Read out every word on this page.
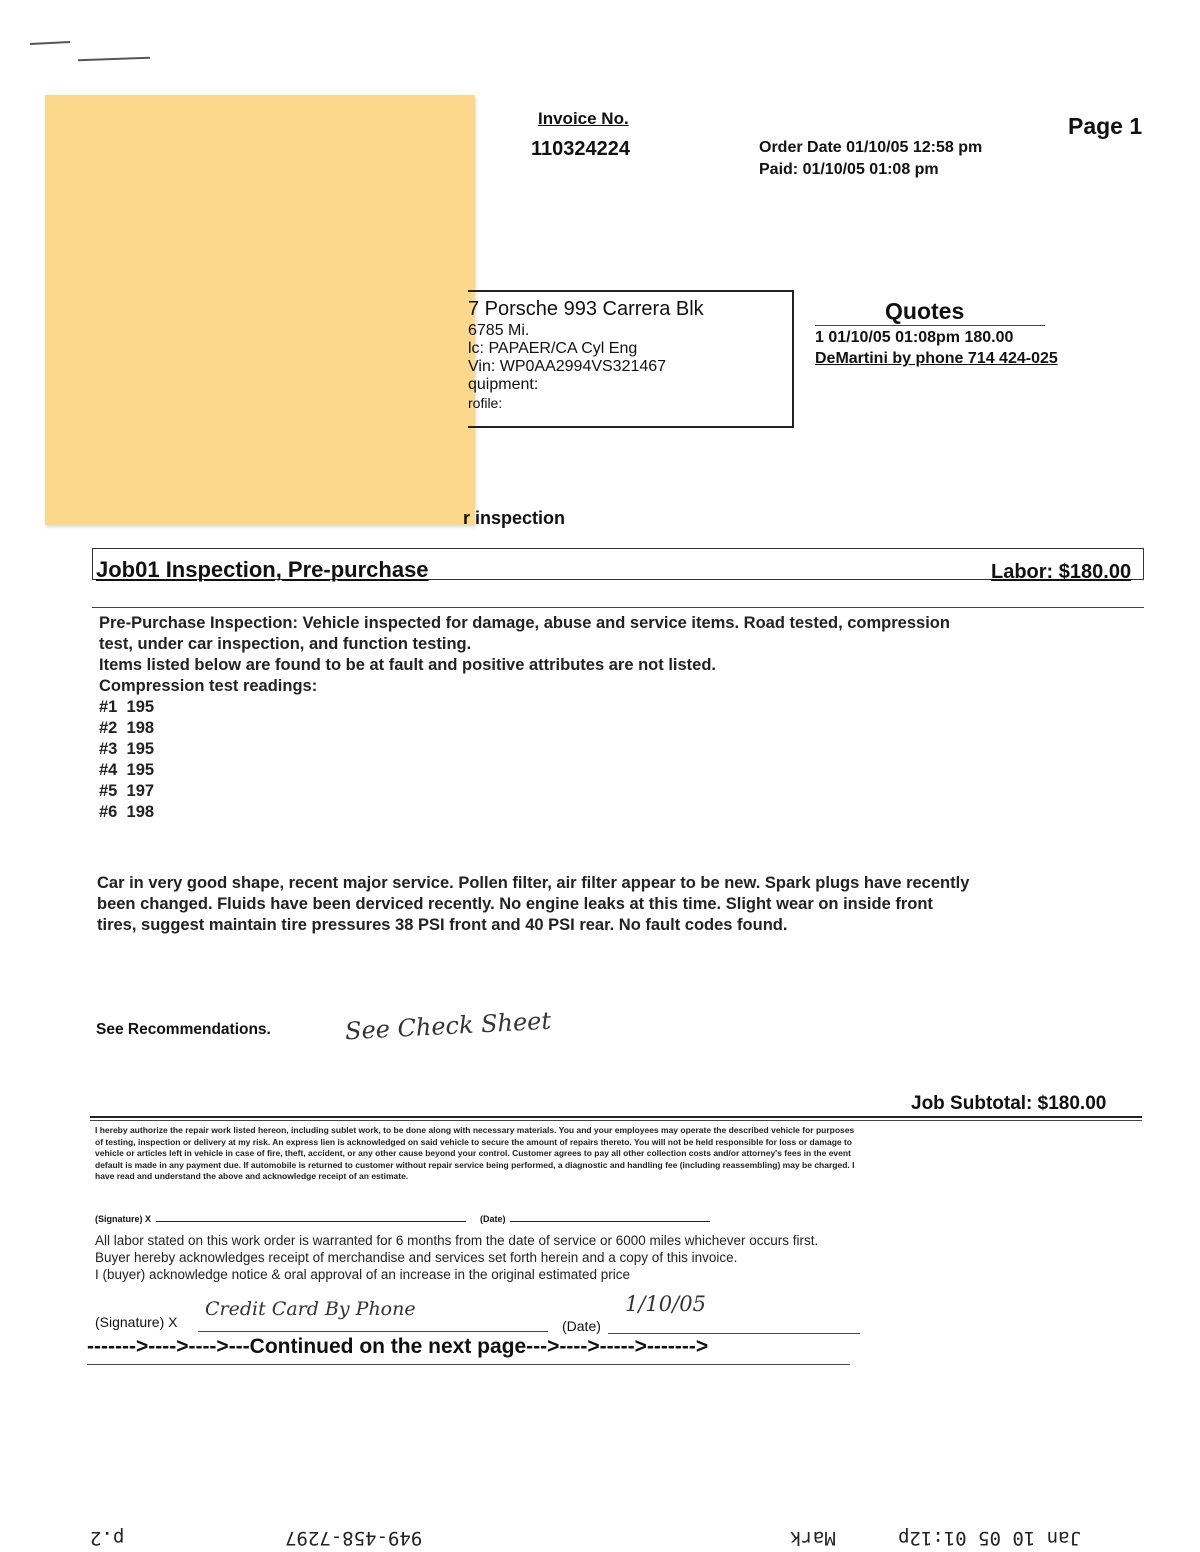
Invoice No.
110324224	Order Date 01/10/05 12:58 pm
Paid: 01/10/05 01:08 pm
Page 1
7 Porsche 993 Carrera Blk
6785 Mi.
lc: PAPAER/CA Cyl Eng
Vin: WP0AA2994VS321467
quipment:
rofile:
Quotes
1 01/10/05 01:08pm 180.00
DeMartini by phone 714 424-025
r inspection
Job01 Inspection, Pre-purchase	Labor: $180.00
Pre-Purchase Inspection: Vehicle inspected for damage, abuse and service items. Road tested, compression
test, under car inspection, and function testing.
Items listed below are found to be at fault and positive attributes are not listed.
Compression test readings:
#1 195
#2 198
#3 195
#4 195
#5 197
#6 198
Car in very good shape, recent major service. Pollen filter, air filter appear to be new. Spark plugs have recently
been changed. Fluids have been derviced recently. No engine leaks at this time. Slight wear on inside front
tires, suggest maintain tire pressures 38 PSI front and 40 PSI rear. No fault codes found.
See Recommendations.	See Check Sheet
Job Subtotal: $180.00
I hereby authorize the repair work listed hereon, including sublet work, to be done along with necessary materials. You and your employees may operate the described vehicle for purposes
of testing, inspection or delivery at my risk. An express lien is acknowledged on said vehicle to secure the amount of repairs thereto. You will not be held responsible for loss or damage to
vehicle or articles left in vehicle in case of fire, theft, accident, or any other cause beyond your control. Customer agrees to pay all other collection costs and/or attorney's fees in the event
default is made in any payment due. If automobile is returned to customer without repair service being performed, a diagnostic and handling fee (including reassembling) may be charged. I
have read and understand the above and acknowledge receipt of an estimate.
(Signature) X	(Date)
All labor stated on this work order is warranted for 6 months from the date of service or 6000 miles whichever occurs first.
Buyer hereby acknowledges receipt of merchandise and services set forth herein and a copy of this invoice.
I (buyer) acknowledge notice & oral approval of an increase in the original estimated price
(Signature) X
Credit Card By Phone
(Date)
1/10/05
------->---->---->---Continued on the next page--->---->----->------->
p.2	949-458-7297	Mark	Jan 10 05 01:12p
